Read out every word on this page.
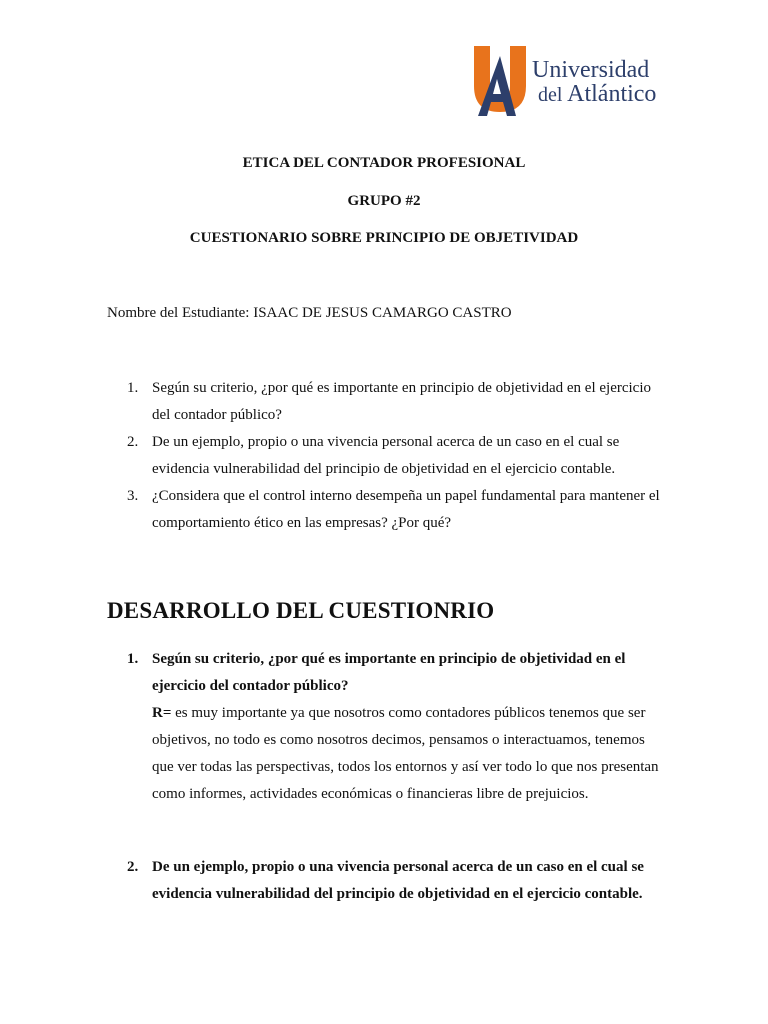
Universidad
del Atlántico
ETICA DEL CONTADOR PROFESIONAL
GRUPO #2
CUESTIONARIO SOBRE PRINCIPIO DE OBJETIVIDAD
Nombre del Estudiante: ISAAC DE JESUS CAMARGO CASTRO
1. Según su criterio, ¿por qué es importante en principio de objetividad en el ejercicio del contador público?
2. De un ejemplo, propio o una vivencia personal acerca de un caso en el cual se evidencia vulnerabilidad del principio de objetividad en el ejercicio contable.
3. ¿Considera que el control interno desempeña un papel fundamental para mantener el comportamiento ético en las empresas? ¿Por qué?
DESARROLLO DEL CUESTIONRIO
1. Según su criterio, ¿por qué es importante en principio de objetividad en el ejercicio del contador público?
R= es muy importante ya que nosotros como contadores públicos tenemos que ser objetivos, no todo es como nosotros decimos, pensamos o interactuamos, tenemos que ver todas las perspectivas, todos los entornos y así ver todo lo que nos presentan como informes, actividades económicas o financieras libre de prejuicios.
2. De un ejemplo, propio o una vivencia personal acerca de un caso en el cual se evidencia vulnerabilidad del principio de objetividad en el ejercicio contable.
